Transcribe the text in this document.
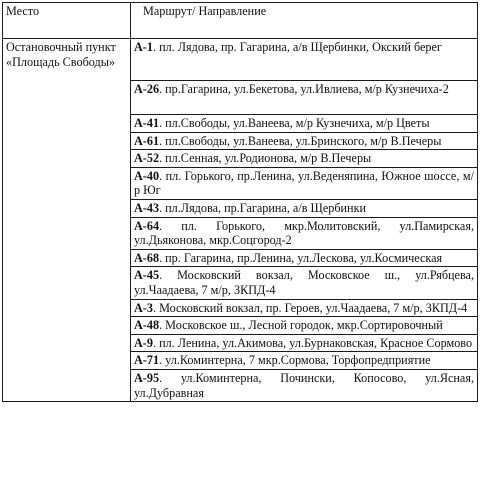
Место	Маршрут/ Направление
Остановочный пункт «Площадь Свободы»	А-1. пл. Лядова, пр. Гагарина, а/в Щербинки, Окский берег
	А-26. пр.Гагарина, ул.Бекетова, ул.Ивлиева, м/р Кузнечиха-2
	А-41. пл.Свободы, ул.Ванеева, м/р Кузнечиха, м/р Цветы
	А-61. пл.Свободы, ул.Ванеева, ул.Бринского, м/р В.Печеры
	А-52. пл.Сенная, ул.Родионова, м/р В.Печеры
	А-40. пл. Горького, пр.Ленина, ул.Веденяпина, Южное шоссе, м/р Юг
	А-43. пл.Лядова, пр.Гагарина, а/в Щербинки
	А-64. пл. Горького, мкр.Молитовский, ул.Памирская, ул.Дьяконова, мкр.Соцгород-2
	А-68. пр. Гагарина, пр.Ленина, ул.Лескова, ул.Космическая
	А-45. Московский вокзал, Московское ш., ул.Рябцева, ул.Чаадаева, 7 м/р, ЗКПД-4
	А-3. Московский вокзал, пр. Героев, ул.Чаадаева, 7 м/р, ЗКПД-4
	А-48. Московское ш., Лесной городок, мкр.Сортировочный
	А-9. пл. Ленина, ул.Акимова, ул.Бурнаковская, Красное Сормово
	А-71. ул.Коминтерна, 7 мкр.Сормова, Торфопредприятие
	А-95. ул.Коминтерна, Почински, Копосово, ул.Ясная, ул.Дубравная
